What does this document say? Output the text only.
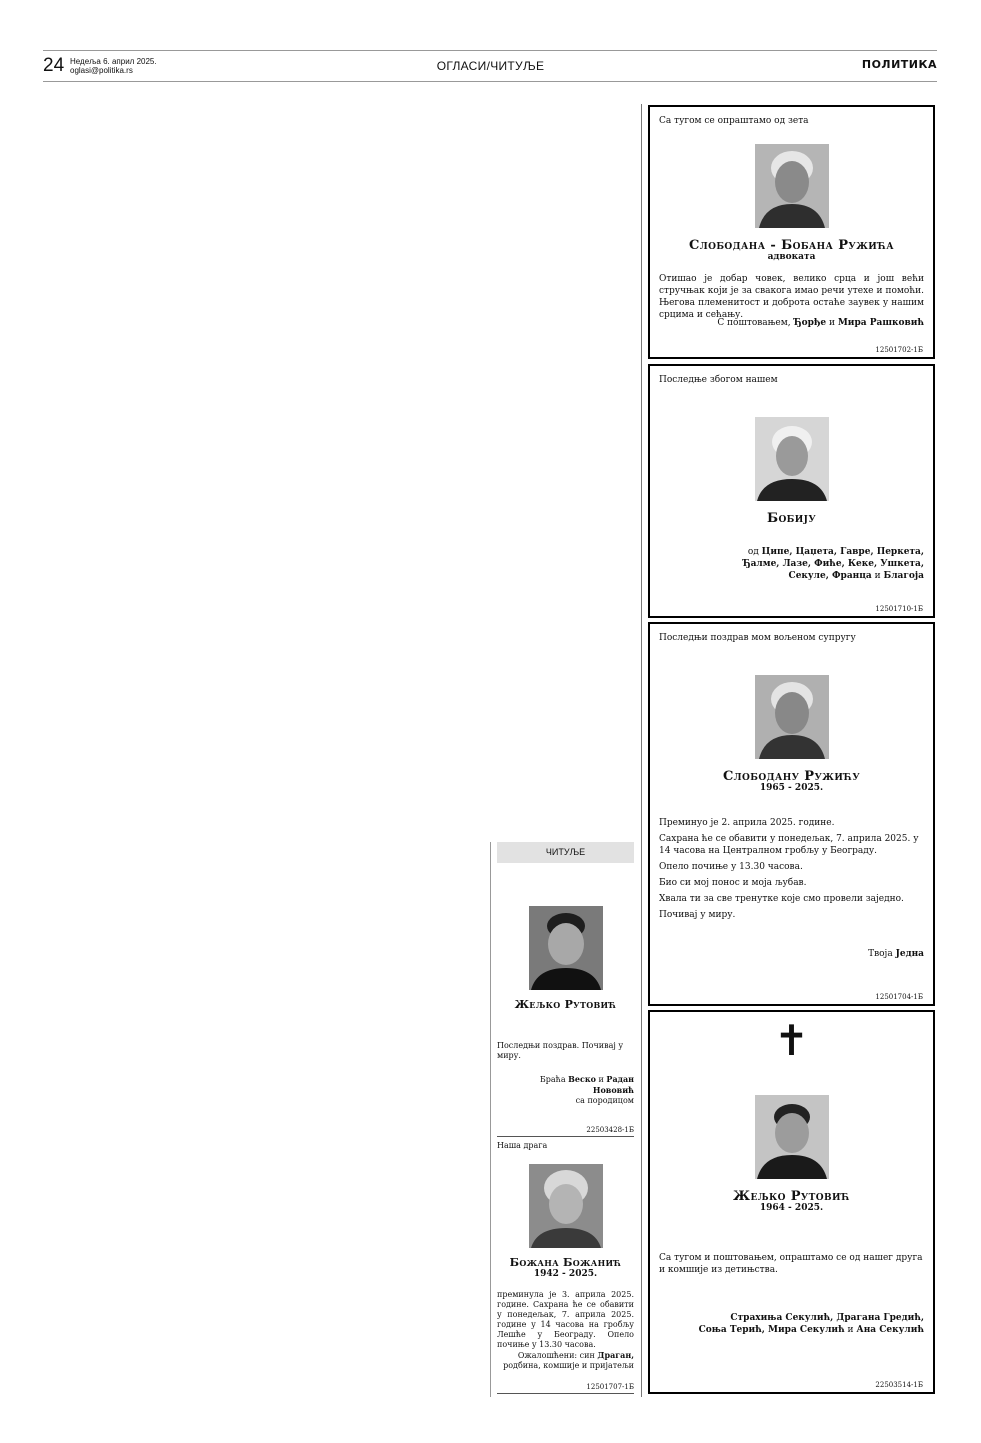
24 Недеља 6. април 2025.
oglasi@politika.rs	ОГЛАСИ/ЧИТУЉЕ	ПОЛИТИКА
Са тугом се опраштамо од зета
Слободана - Бобана Ружића
адвоката
Отишао је добар човек, велико срца и још већи стручњак који је за свакога имао речи утехе и помоћи. Његова племенитост и доброта остаће заувек у нашим срцима и сећању.
С поштовањем, Ђорђе и Мира Рашковић
12501702-1Б
Последње збогом нашем
Бобију
од Ципе, Цаџета, Гавре, Перкета,
Ђалме, Лазе, Фиће, Кеке, Ушкета,
Секуле, Франца и Благоја
12501710-1Б
Последњи поздрав мом вољеном супругу
Слободану Ружићу
1965 - 2025.
Преминуо је 2. априла 2025. године.
Сахрана ће се обавити у понедељак, 7. априла 2025. у 14 часова на Централном гробљу у Београду.
Опело почиње у 13.30 часова.
Био си мој понос и моја љубав.
Хвала ти за све тренутке које смо провели заједно.
Почивај у миру.
Твоја Једна
12501704-1Б
✝
Жељко Рутовић
1964 - 2025.
Са тугом и поштовањем, опраштамо се од нашег друга и комшије из детињства.
Страхиња Секулић, Драгана Гредић,
Соња Терић, Мира Секулић и Ана Секулић
22503514-1Б
ЧИТУЉЕ
Жељко Рутовић
Последњи поздрав. Почивај у миру.
Браћа Веско и Радан Нововић
са породицом
22503428-1Б
Наша драга
Божана Божанић
1942 - 2025.
преминула је 3. априла 2025. године. Сахрана ће се обавити у понедељак, 7. априла 2025. године у 14 часова на гробљу Лешће у Београду. Опело почиње у 13.30 часова.
Ожалошћени: син Драган,
родбина, комшије и пријатељи
12501707-1Б
